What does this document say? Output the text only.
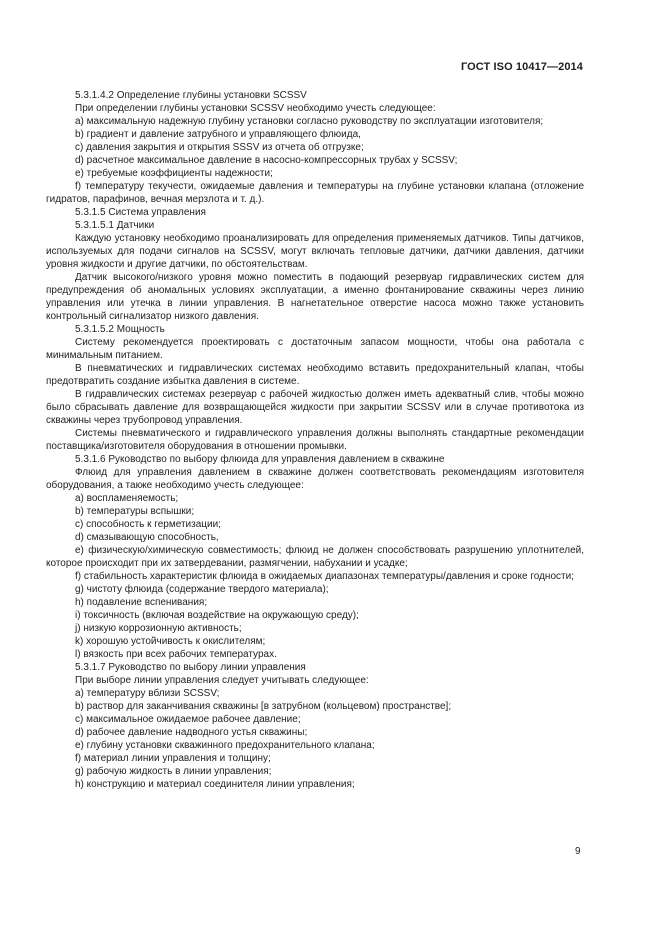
ГОСТ ISO 10417—2014

5.3.1.4.2 Определение глубины установки SCSSV

При определении глубины установки SCSSV необходимо учесть следующее:

а) максимальную надежную глубину установки согласно руководству по эксплуатации изготовителя;

b) градиент и давление затрубного и управляющего флюида,

с) давления закрытия и открытия SSSV из отчета об отгрузке;

d) расчетное максимальное давление в насосно-компрессорных трубах у SCSSV;

е) требуемые коэффициенты надежности;

f) температуру текучести, ожидаемые давления и температуры на глубине установки клапана (отложение гидратов, парафинов, вечная мерзлота и т. д.).

5.3.1.5 Система управления

5.3.1.5.1 Датчики

Каждую установку необходимо проанализировать для определения применяемых датчиков. Типы датчиков, используемых для подачи сигналов на SCSSV, могут включать тепловые датчики, датчики давления, датчики уровня жидкости и другие датчики, по обстоятельствам.

Датчик высокого/низкого уровня можно поместить в подающий резервуар гидравлических систем для предупреждения об аномальных условиях эксплуатации, а именно фонтанирование скважины через линию управления или утечка в линии управления. В нагнетательное отверстие насоса можно также установить контрольный сигнализатор низкого давления.

5.3.1.5.2 Мощность

Систему рекомендуется проектировать с достаточным запасом мощности, чтобы она работала с минимальным питанием.

В пневматических и гидравлических системах необходимо вставить предохранительный клапан, чтобы предотвратить создание избытка давления в системе.

В гидравлических системах резервуар с рабочей жидкостью должен иметь адекватный слив, чтобы можно было сбрасывать давление для возвращающейся жидкости при закрытии SCSSV или в случае противотока из скважины через трубопровод управления.

Системы пневматического и гидравлического управления должны выполнять стандартные рекомендации поставщика/изготовителя оборудования в отношении промывки.

5.3.1.6 Руководство по выбору флюида для управления давлением в скважине

Флюид для управления давлением в скважине должен соответствовать рекомендациям изготовителя оборудования, а также необходимо учесть следующее:

а) воспламеняемость;

b) температуры вспышки;

с) способность к герметизации;

d) смазывающую способность,

е) физическую/химическую совместимость; флюид не должен способствовать разрушению уплотнителей, которое происходит при их затвердевании, размягчении, набухании и усадке;

f) стабильность характеристик флюида в ожидаемых диапазонах температуры/давления и сроке годности;

g) чистоту флюида (содержание твердого материала);

h) подавление вспенивания;

i) токсичность (включая воздействие на окружающую среду);

j) низкую коррозионную активность;

k) хорошую устойчивость к окислителям;

l) вязкость при всех рабочих температурах.

5.3.1.7 Руководство по выбору линии управления

При выборе линии управления следует учитывать следующее:

а) температуру вблизи SCSSV;

b) раствор для заканчивания скважины [в затрубном (кольцевом) пространстве];

с) максимальное ожидаемое рабочее давление;

d) рабочее давление надводного устья скважины;

е) глубину установки скважинного предохранительного клапана;

f) материал линии управления и толщину;

g) рабочую жидкость в линии управления;

h) конструкцию и материал соединителя линии управления;

9
